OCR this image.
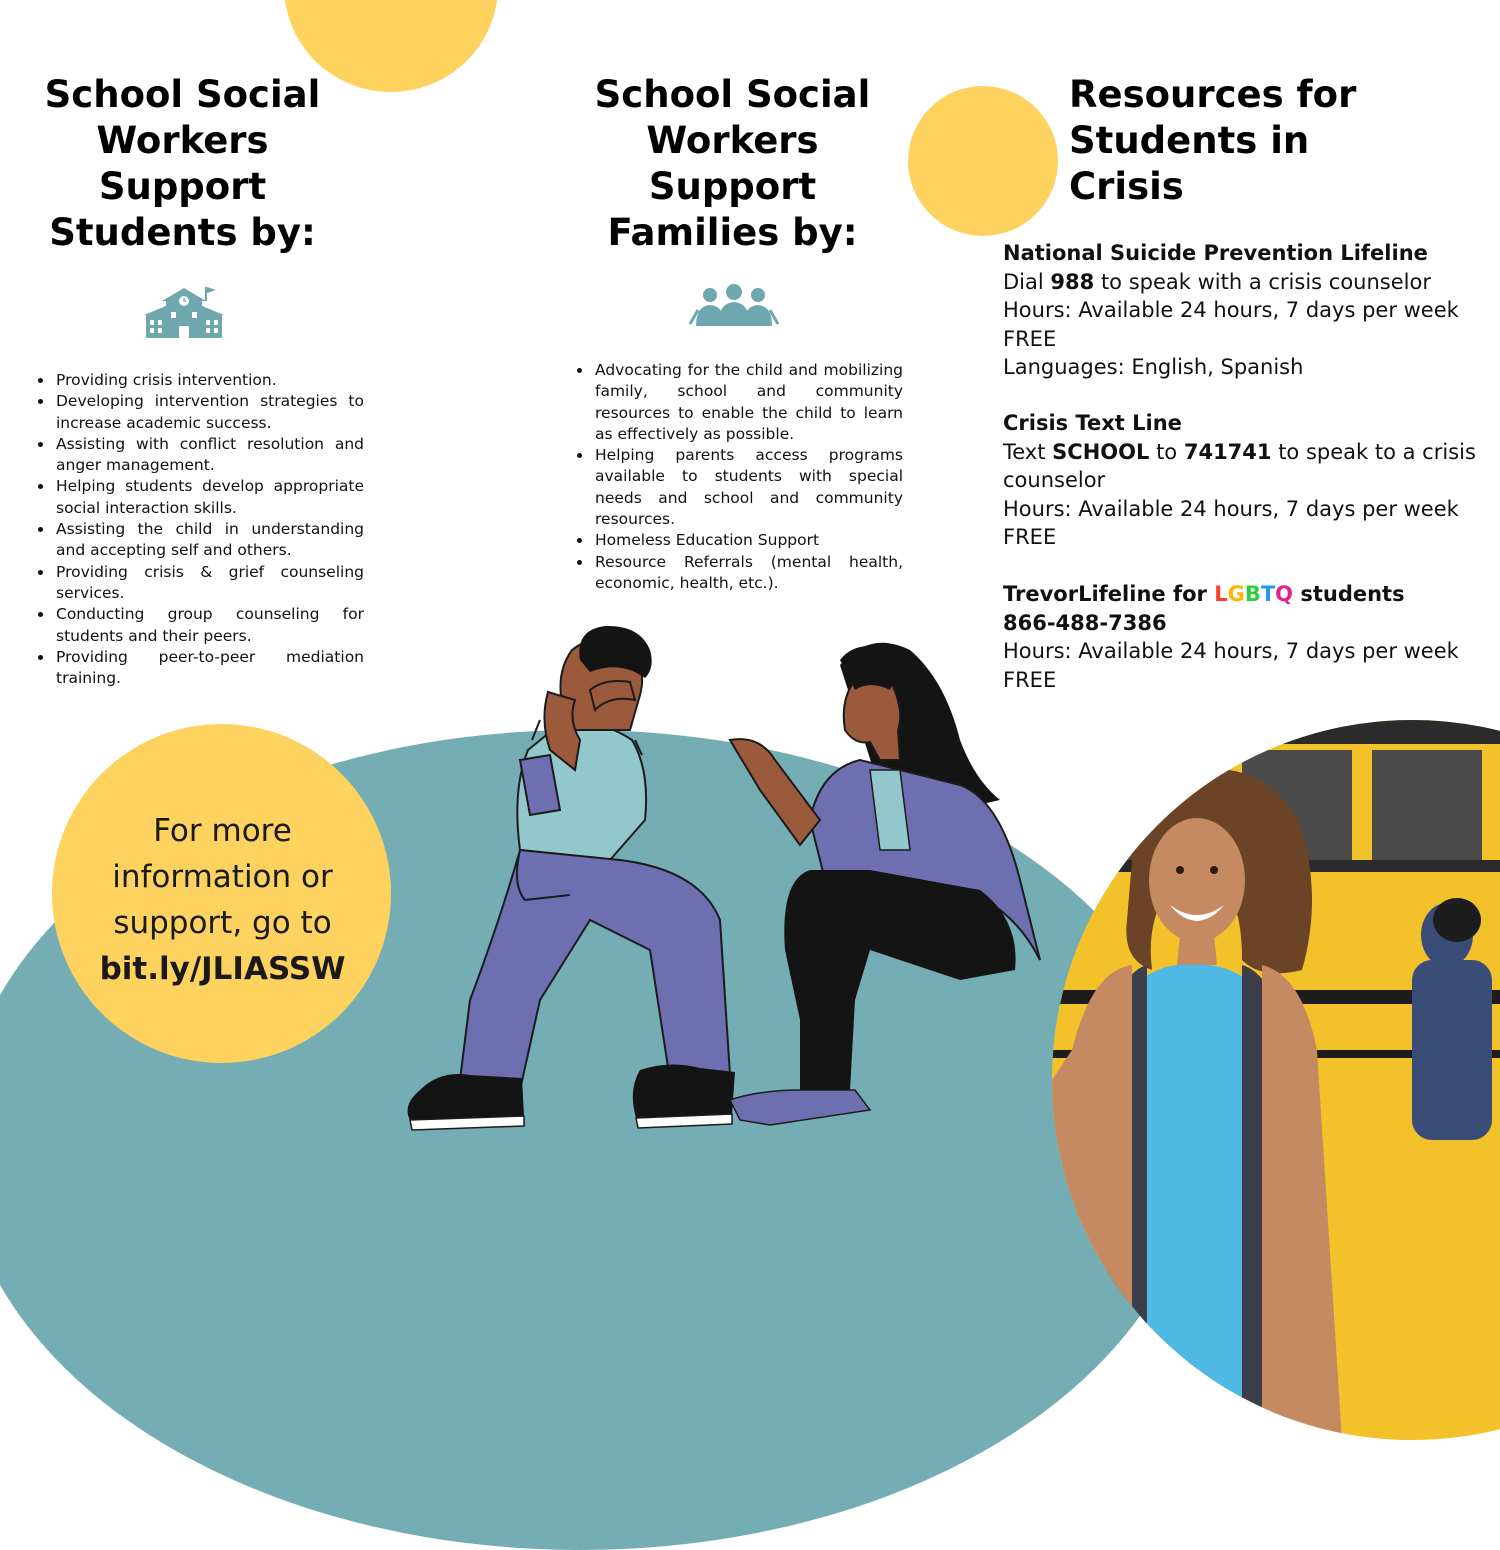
School Social
Workers
Support
Students by:
• Providing crisis intervention.
• Developing intervention strategies to increase academic success.
• Assisting with conflict resolution and anger management.
• Helping students develop appropriate social interaction skills.
• Assisting the child in understanding and accepting self and others.
• Providing crisis & grief counseling services.
• Conducting group counseling for students and their peers.
• Providing peer-to-peer mediation training.
School Social
Workers
Support
Families by:
• Advocating for the child and mobilizing family, school and community resources to enable the child to learn as effectively as possible.
• Helping parents access programs available to students with special needs and school and community resources.
• Homeless Education Support
• Resource Referrals (mental health, economic, health, etc.).
Resources for
Students in
Crisis
National Suicide Prevention Lifeline
Dial 988 to speak with a crisis counselor
Hours: Available 24 hours, 7 days per week
FREE
Languages: English, Spanish
Crisis Text Line
Text SCHOOL to 741741 to speak to a crisis counselor
Hours: Available 24 hours, 7 days per week
FREE
TrevorLifeline for LGBTQ students
866-488-7386
Hours: Available 24 hours, 7 days per week
FREE
For more
information or
support, go to
bit.ly/JLIASSW
